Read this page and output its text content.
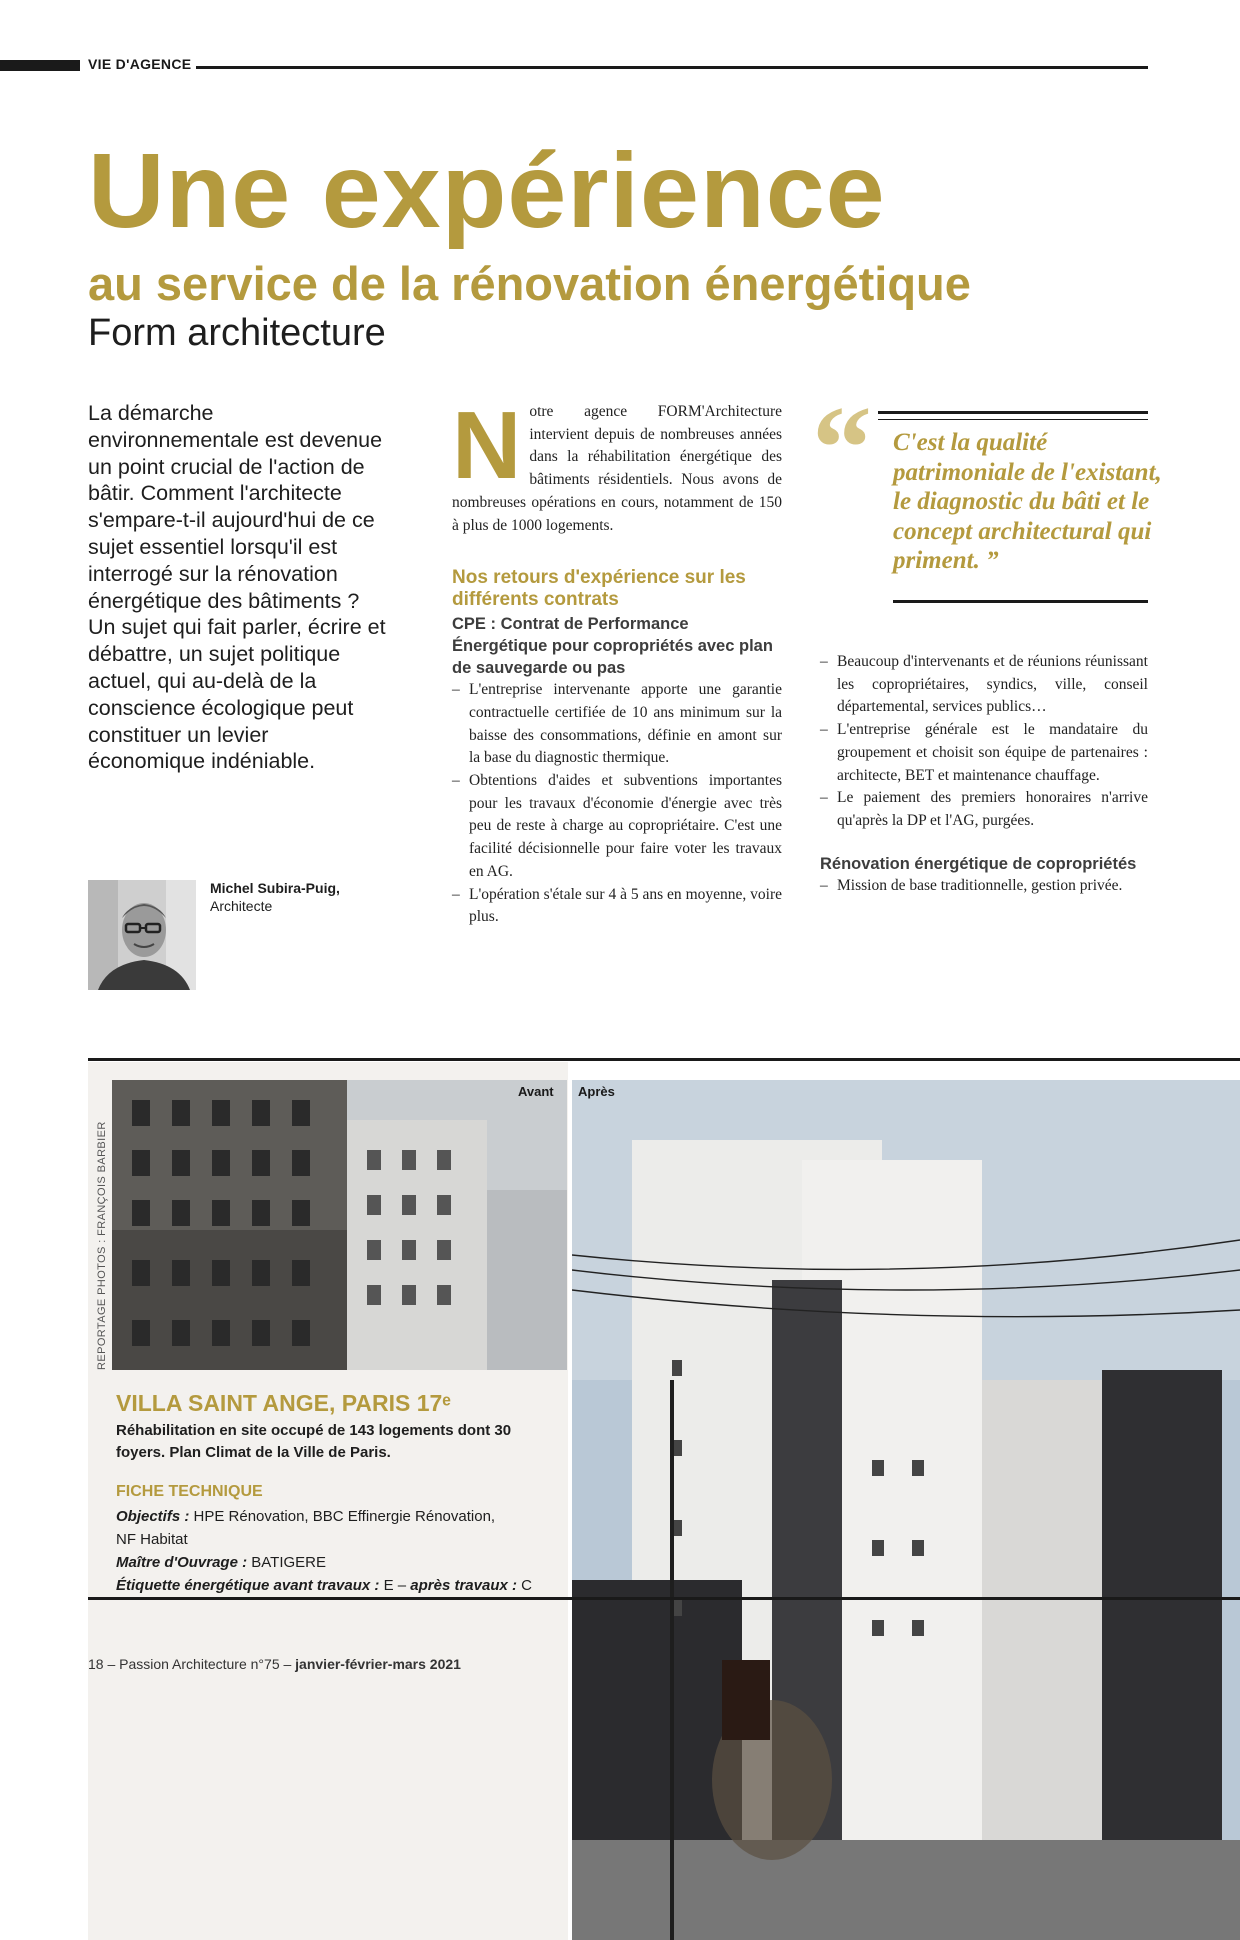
VIE D'AGENCE
Une expérience
au service de la rénovation énergétique
Form architecture
La démarche environnementale est devenue un point crucial de l'action de bâtir. Comment l'architecte s'empare-t-il aujourd'hui de ce sujet essentiel lorsqu'il est interrogé sur la rénovation énergétique des bâtiments ? Un sujet qui fait parler, écrire et débattre, un sujet politique actuel, qui au-delà de la conscience écologique peut constituer un levier économique indéniable.
Michel Subira-Puig,
Architecte

Notre agence FORM'Architecture intervient depuis de nombreuses années dans la réhabilitation énergétique des bâtiments résidentiels. Nous avons de nombreuses opérations en cours, notamment de 150 à plus de 1000 logements.

Nos retours d'expérience sur les différents contrats
CPE : Contrat de Performance Énergétique pour copropriétés avec plan de sauvegarde ou pas
– L'entreprise intervenante apporte une garantie contractuelle certifiée de 10 ans minimum sur la baisse des consommations, définie en amont sur la base du diagnostic thermique.
– Obtentions d'aides et subventions importantes pour les travaux d'économie d'énergie avec très peu de reste à charge au copropriétaire. C'est une facilité décisionnelle pour faire voter les travaux en AG.
– L'opération s'étale sur 4 à 5 ans en moyenne, voire plus.
“ C'est la qualité patrimoniale de l'existant, le diagnostic du bâti et le concept architectural qui priment. ”
– Beaucoup d'intervenants et de réunions réunissant les copropriétaires, syndics, ville, conseil départemental, services publics…
– L'entreprise générale est le mandataire du groupement et choisit son équipe de partenaires : architecte, BET et maintenance chauffage.
– Le paiement des premiers honoraires n'arrive qu'après la DP et l'AG, purgées.
Rénovation énergétique de copropriétés
– Mission de base traditionnelle, gestion privée.
REPORTAGE PHOTOS : FRANÇOIS BARBIER
Avant Après
VILLA SAINT ANGE, PARIS 17ᵉ
Réhabilitation en site occupé de 143 logements dont 30 foyers. Plan Climat de la Ville de Paris.
FICHE TECHNIQUE
Objectifs : HPE Rénovation, BBC Effinergie Rénovation,
NF Habitat
Maître d'Ouvrage : BATIGERE
Étiquette énergétique avant travaux : E – après travaux : C
18 – Passion Architecture n°75 – janvier-février-mars 2021
